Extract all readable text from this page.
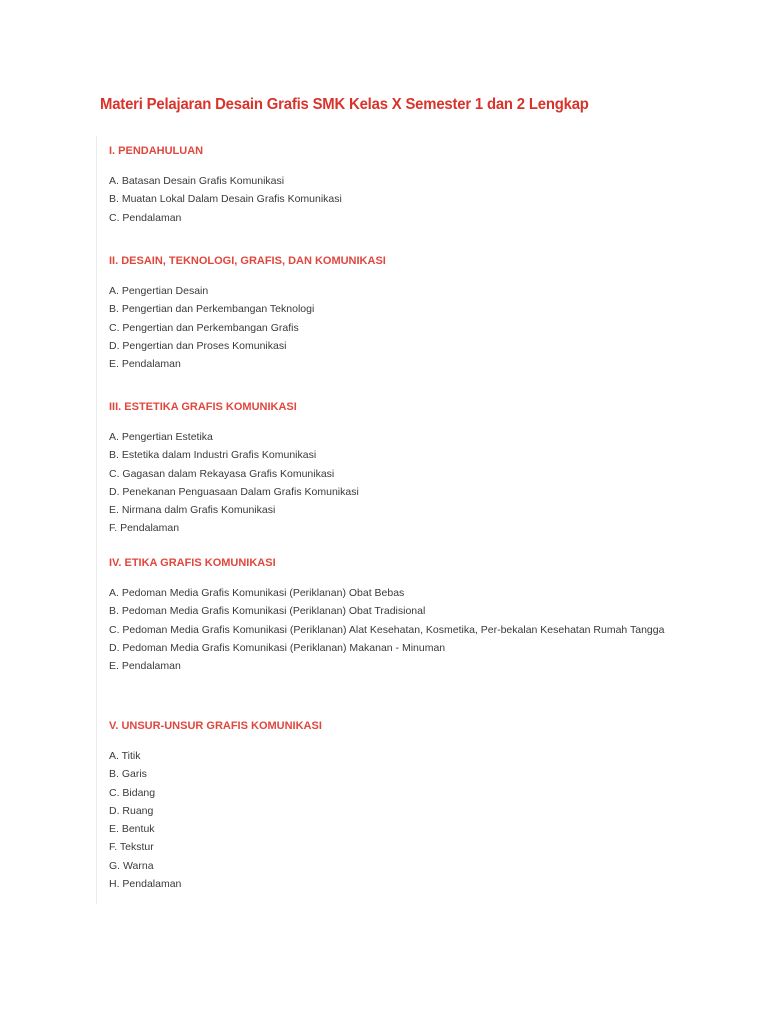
Materi Pelajaran Desain Grafis SMK Kelas X Semester 1 dan 2 Lengkap
I. PENDAHULUAN
A. Batasan Desain Grafis Komunikasi
B. Muatan Lokal Dalam Desain Grafis Komunikasi
C. Pendalaman
II. DESAIN, TEKNOLOGI, GRAFIS, DAN KOMUNIKASI
A. Pengertian Desain
B. Pengertian dan Perkembangan Teknologi
C. Pengertian dan Perkembangan Grafis
D. Pengertian dan Proses Komunikasi
E. Pendalaman
III. ESTETIKA GRAFIS KOMUNIKASI
A. Pengertian Estetika
B. Estetika dalam Industri Grafis Komunikasi
C. Gagasan dalam Rekayasa Grafis Komunikasi
D. Penekanan Penguasaan Dalam Grafis Komunikasi
E. Nirmana dalm Grafis Komunikasi
F. Pendalaman
IV. ETIKA GRAFIS KOMUNIKASI
A. Pedoman Media Grafis Komunikasi (Periklanan) Obat Bebas
B. Pedoman Media Grafis Komunikasi (Periklanan) Obat Tradisional
C. Pedoman Media Grafis Komunikasi (Periklanan) Alat Kesehatan, Kosmetika, Per-bekalan Kesehatan Rumah Tangga
D. Pedoman Media Grafis Komunikasi (Periklanan) Makanan - Minuman
E. Pendalaman
V. UNSUR-UNSUR GRAFIS KOMUNIKASI
A. Titik
B. Garis
C. Bidang
D. Ruang
E. Bentuk
F. Tekstur
G. Warna
H. Pendalaman
